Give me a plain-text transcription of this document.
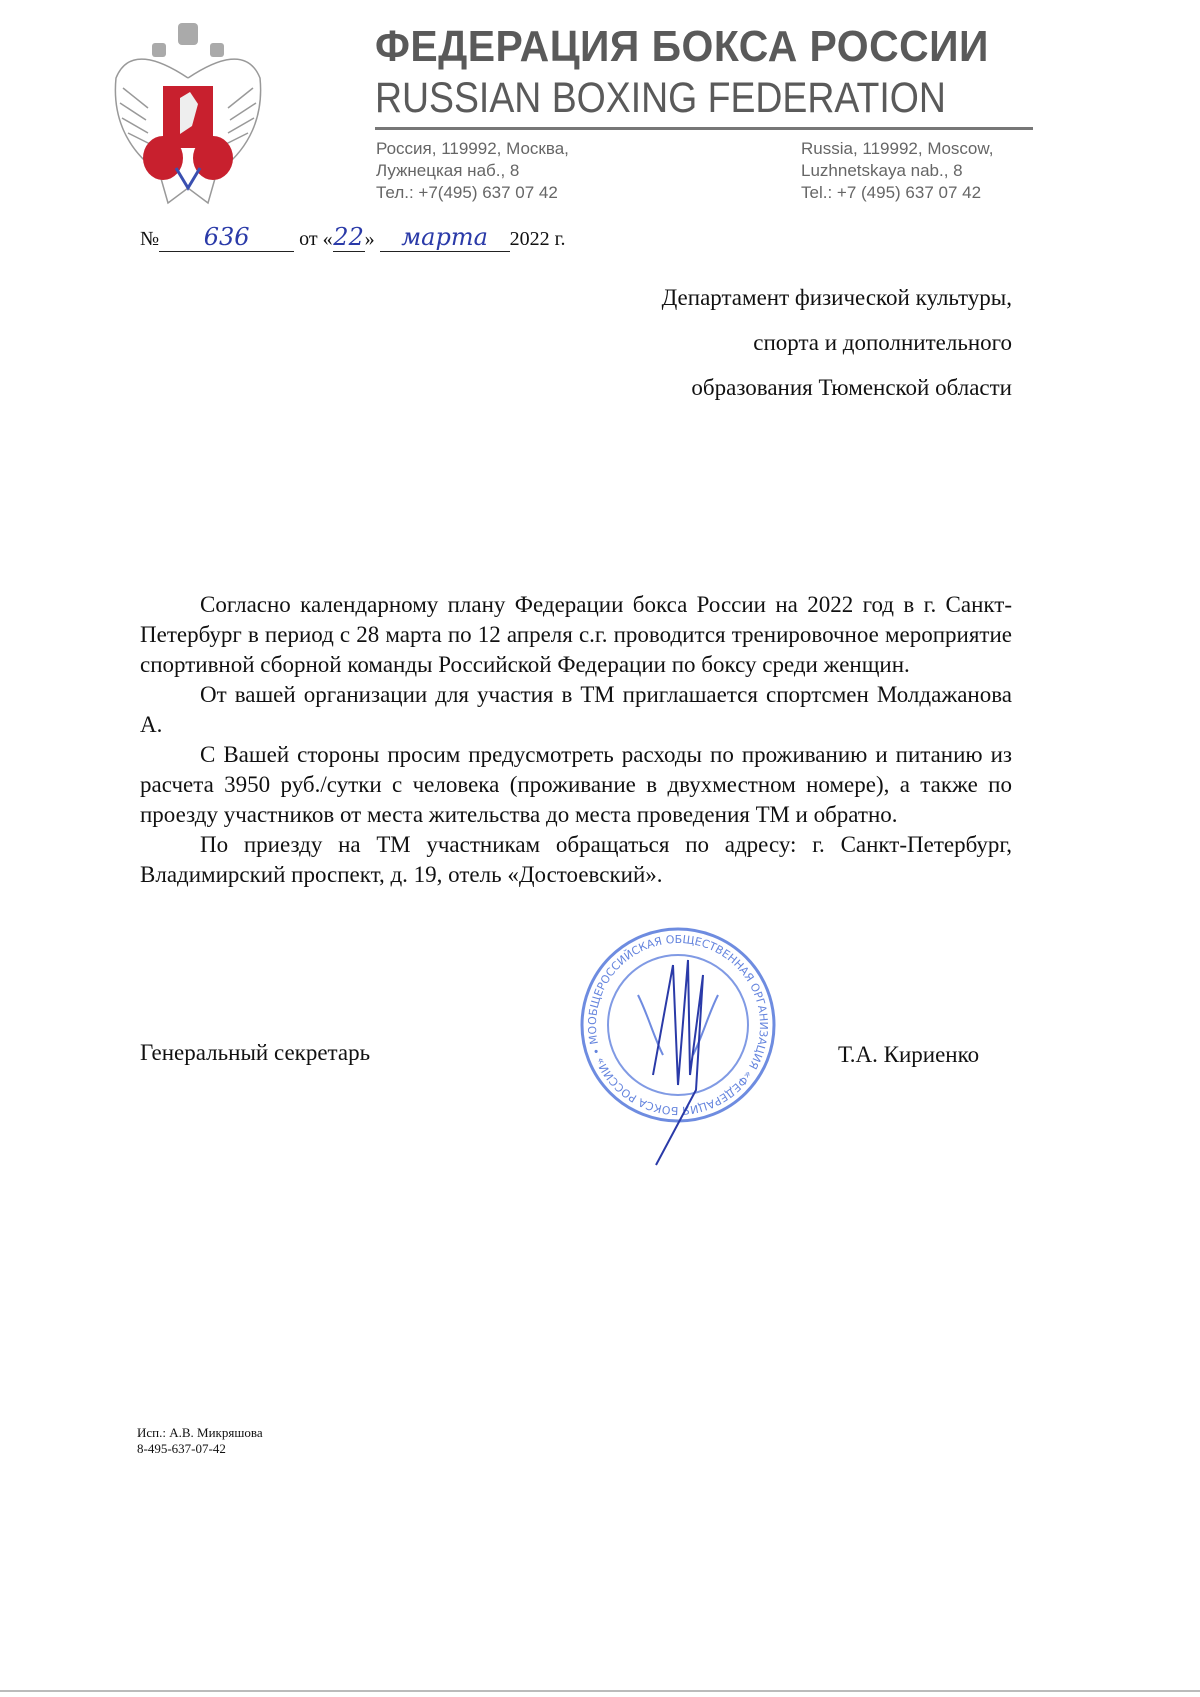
ФЕДЕРАЦИЯ БОКСА РОССИИ
RUSSIAN BOXING FEDERATION
Россия, 119992, Москва,
Лужнецкая наб., 8
Тел.: +7(495) 637 07 42
Russia, 119992, Moscow,
Luzhnetskaya nab., 8
Tel.: +7 (495) 637 07 42
№ 636 от «22» марта 2022 г.
Департамент физической культуры,
спорта и дополнительного
образования Тюменской области

Согласно календарному плану Федерации бокса России на 2022 год в г. Санкт-Петербург в период с 28 марта по 12 апреля с.г. проводится тренировочное мероприятие спортивной сборной команды Российской Федерации по боксу среди женщин.

От вашей организации для участия в ТМ приглашается спортсмен Молдажанова А.

С Вашей стороны просим предусмотреть расходы по проживанию и питанию из расчета 3950 руб./сутки с человека (проживание в двухместном номере), а также по проезду участников от места жительства до места проведения ТМ и обратно.

По приезду на ТМ участникам обращаться по адресу: г. Санкт-Петербург, Владимирский проспект, д. 19, отель «Достоевский».

Генеральный секретарь	Т.А. Кириенко
ОБЩЕРОССИЙСКАЯ ОБЩЕСТВЕННАЯ ОРГАНИЗАЦИЯ «ФЕДЕРАЦИЯ БОКСА РОССИИ» • МО
Исп.: А.В. Микряшова
8-495-637-07-42
